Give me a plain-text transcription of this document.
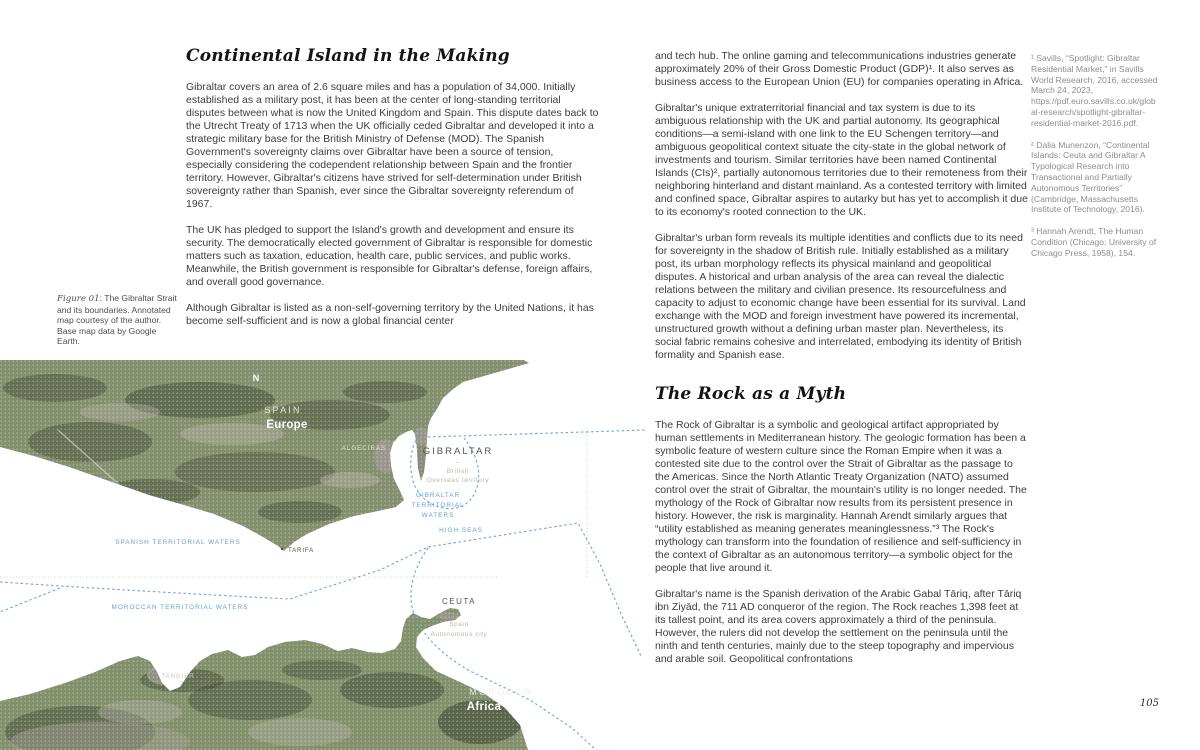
Continental Island in the Making

Gibraltar covers an area of 2.6 square miles and has a population of 34,000. Initially established as a military post, it has been at the center of long-standing territorial disputes between what is now the United Kingdom and Spain. This dispute dates back to the Utrecht Treaty of 1713 when the UK officially ceded Gibraltar and developed it into a strategic military base for the British Ministry of Defense (MOD). The Spanish Government's sovereignty claims over Gibraltar have been a source of tension, especially considering the codependent relationship between Spain and the frontier territory. However, Gibraltar's citizens have strived for self-determination under British sovereignty rather than Spanish, ever since the Gibraltar sovereignty referendum of 1967.

The UK has pledged to support the Island's growth and development and ensure its security. The democratically elected government of Gibraltar is responsible for domestic matters such as taxation, education, health care, public services, and public works. Meanwhile, the British government is responsible for Gibraltar's defense, foreign affairs, and overall good governance.

Although Gibraltar is listed as a non-self-governing territory by the United Nations, it has become self-sufficient and is now a global financial center

Figure 01: The Gibraltar Strait and its boundaries. Annotated map courtesy of the author. Base map data by Google Earth.
N
SPAIN
Europe
ALGECIRAS	GIBRALTAR
–
British
Overseas territory
GIBRALTAR
TERRITORIAL
WATERS
HIGH SEAS
SPANISH TERRITORIAL WATERS
TARIFA
MOROCCAN TERRITORIAL WATERS
CEUTA
–
Spain
Autonomous city
TANGIER
MOROCCO
Africa

and tech hub. The online gaming and telecommunications industries generate approximately 20% of their Gross Domestic Product (GDP)¹. It also serves as business access to the European Union (EU) for companies operating in Africa.

Gibraltar's unique extraterritorial financial and tax system is due to its ambiguous relationship with the UK and partial autonomy. Its geographical conditions—a semi-island with one link to the EU Schengen territory—and ambiguous geopolitical context situate the city-state in the global network of investments and tourism. Similar territories have been named Continental Islands (CIs)², partially autonomous territories due to their remoteness from their neighboring hinterland and distant mainland. As a contested territory with limited and confined space, Gibraltar aspires to autarky but has yet to accomplish it due to its economy's rooted connection to the UK.

Gibraltar's urban form reveals its multiple identities and conflicts due to its need for sovereignty in the shadow of British rule. Initially established as a military post, its urban morphology reflects its physical mainland and geopolitical disputes. A historical and urban analysis of the area can reveal the dialectic relations between the military and civilian presence. Its resourcefulness and capacity to adjust to economic change have been essential for its survival. Land exchange with the MOD and foreign investment have powered its incremental, unstructured growth without a defining urban master plan. Nevertheless, its social fabric remains cohesive and interrelated, embodying its identity of British formality and Spanish ease.

The Rock as a Myth

The Rock of Gibraltar is a symbolic and geological artifact appropriated by human settlements in Mediterranean history. The geologic formation has been a symbolic feature of western culture since the Roman Empire when it was a contested site due to the control over the Strait of Gibraltar as the passage to the Americas. Since the North Atlantic Treaty Organization (NATO) assumed control over the strait of Gibraltar, the mountain's utility is no longer needed. The mythology of the Rock of Gibraltar now results from its persistent presence in history. However, the risk is marginality. Hannah Arendt similarly argues that “utility established as meaning generates meaninglessness.”³ The Rock's mythology can transform into the foundation of resilience and self-sufficiency in the context of Gibraltar as an autonomous territory—a symbolic object for the people that live around it.

Gibraltar's name is the Spanish derivation of the Arabic Gabal Tāriq, after Tāriq ibn Ziyād, the 711 AD conqueror of the region. The Rock reaches 1,398 feet at its tallest point, and its area covers approximately a third of the peninsula. However, the rulers did not develop the settlement on the peninsula until the ninth and tenth centuries, mainly due to the steep topography and impervious and arable soil. Geopolitical confrontations

¹ Savills, “Spotlight: Gibraltar Residential Market,” in Savills World Research, 2016, accessed March 24, 2023, https://pdf.euro.savills.co.uk/global-research/spotlight-gibraltar-residential-market-2016.pdf.

² Dalia Munenzon, “Continental Islands: Ceuta and Gibraltar A Typological Research into Transactional and Partially Autonomous Territories” (Cambridge, Massachusetts Institute of Technology, 2016).

³ Hannah Arendt, The Human Condition (Chicago: University of Chicago Press, 1958), 154.

105
